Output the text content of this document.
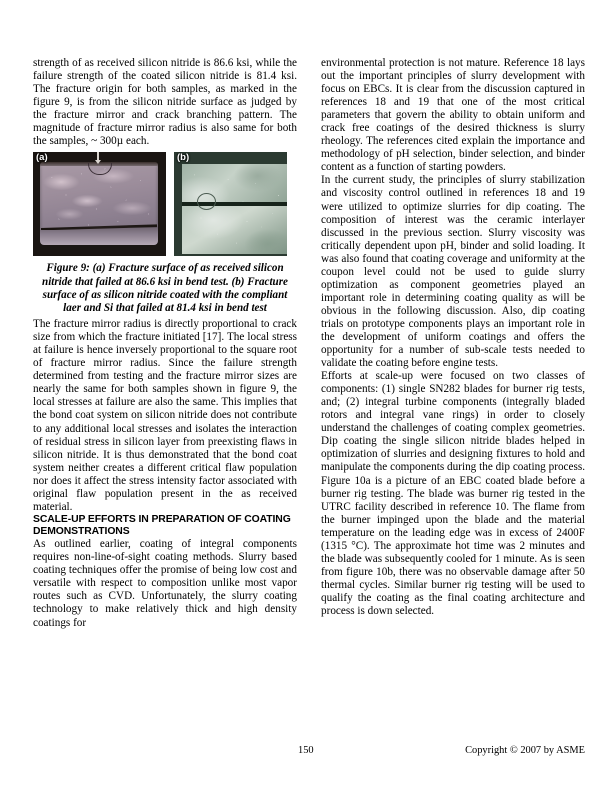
strength of as received silicon nitride is 86.6 ksi, while the failure strength of the coated silicon nitride is 81.4 ksi. The fracture origin for both samples, as marked in the figure 9, is from the silicon nitride surface as judged by the fracture mirror and crack branching pattern. The magnitude of fracture mirror radius is also same for both the samples, ~ 300µ each.

(a)	(b)
Figure 9: (a) Fracture surface of as received silicon nitride that failed at 86.6 ksi in bend test. (b) Fracture surface of as silicon nitride coated with the compliant laer and Si that failed at 81.4 ksi in bend test

The fracture mirror radius is directly proportional to crack size from which the fracture initiated [17]. The local stress at failure is hence inversely proportional to the square root of fracture mirror radius. Since the failure strength determined from testing and the fracture mirror sizes are nearly the same for both samples shown in figure 9, the local stresses at failure are also the same. This implies that the bond coat system on silicon nitride does not contribute to any additional local stresses and isolates the interaction of residual stress in silicon layer from preexisting flaws in silicon nitride. It is thus demonstrated that the bond coat system neither creates a different critical flaw population nor does it affect the stress intensity factor associated with original flaw population present in the as received material.

SCALE-UP EFFORTS IN PREPARATION OF COATING DEMONSTRATIONS

As outlined earlier, coating of integral components requires non-line-of-sight coating methods. Slurry based coating techniques offer the promise of being low cost and versatile with respect to composition unlike most vapor routes such as CVD. Unfortunately, the slurry coating technology to make relatively thick and high density coatings for

environmental protection is not mature. Reference 18 lays out the important principles of slurry development with focus on EBCs. It is clear from the discussion captured in references 18 and 19 that one of the most critical parameters that govern the ability to obtain uniform and crack free coatings of the desired thickness is slurry rheology. The references cited explain the importance and methodology of pH selection, binder selection, and binder content as a function of starting powders.

In the current study, the principles of slurry stabilization and viscosity control outlined in references 18 and 19 were utilized to optimize slurries for dip coating. The composition of interest was the ceramic interlayer discussed in the previous section. Slurry viscosity was critically dependent upon pH, binder and solid loading. It was also found that coating coverage and uniformity at the coupon level could not be used to guide slurry optimization as component geometries played an important role in determining coating quality as will be obvious in the following discussion. Also, dip coating trials on prototype components plays an important role in the development of uniform coatings and offers the opportunity for a number of sub-scale tests needed to validate the coating before engine tests.

Efforts at scale-up were focused on two classes of components: (1) single SN282 blades for burner rig tests, and; (2) integral turbine components (integrally bladed rotors and integral vane rings) in order to closely understand the challenges of coating complex geometries. Dip coating the single silicon nitride blades helped in optimization of slurries and designing fixtures to hold and manipulate the components during the dip coating process. Figure 10a is a picture of an EBC coated blade before a burner rig testing. The blade was burner rig tested in the UTRC facility described in reference 10. The flame from the burner impinged upon the blade and the material temperature on the leading edge was in excess of 2400F (1315 °C). The approximate hot time was 2 minutes and the blade was subsequently cooled for 1 minute. As is seen from figure 10b, there was no observable damage after 50 thermal cycles. Similar burner rig testing will be used to qualify the coating as the final coating architecture and process is down selected.

150	Copyright © 2007 by ASME
